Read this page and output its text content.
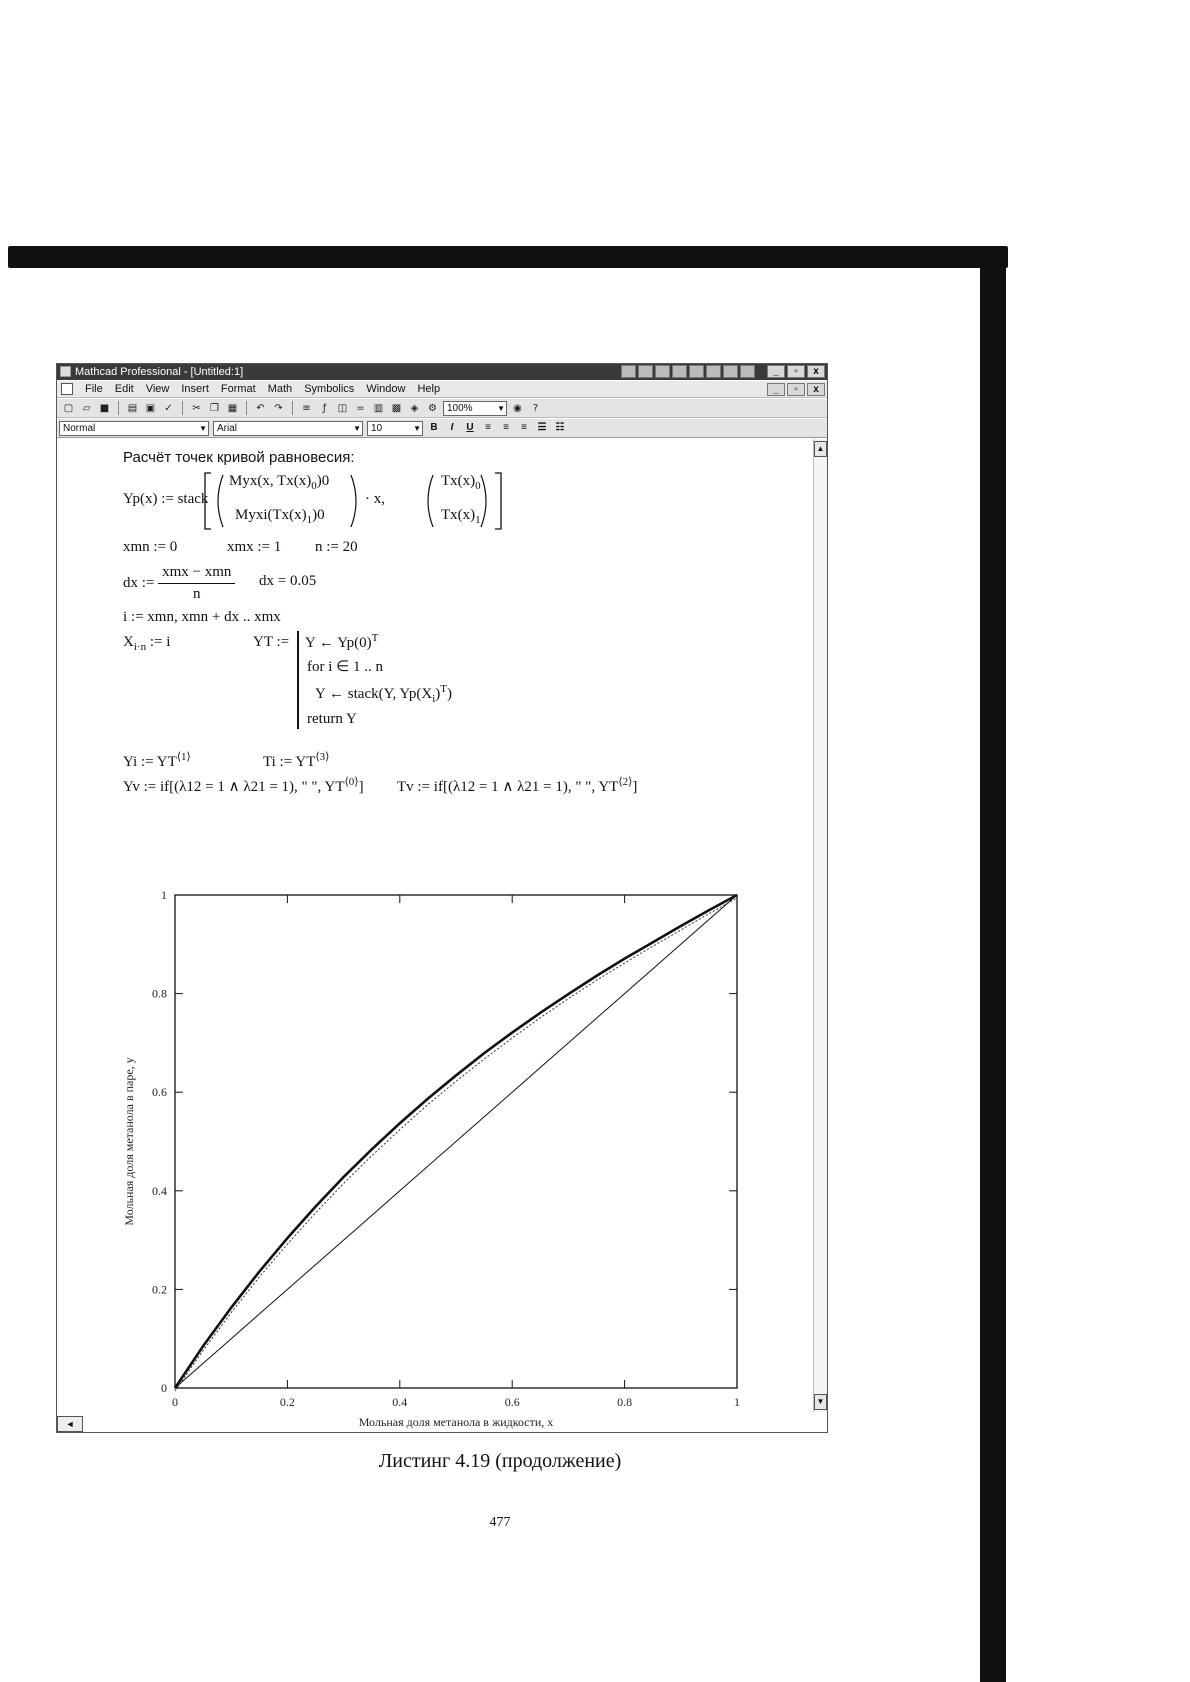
Mathcad Professional - [Untitled:1]	_	▫	x
File	Edit	View	Insert	Format	Math	Symbolics	Window	Help	_	▫	x
▢ ▱ ■ ▤ ▣ ✓	✂ ❐ ▦	↶ ↷	≡	ƒ	◫ = ▥ ▩ ◈ ⚙	100% ▼	◉	?
Normal ▼	Arial ▼	10 ▼	B	I	U	≡	≡	≡	☰ ☷
Расчёт точек кривой равновесия:
Yp(x) := stack
Myx(x, $Tx(x)_0)0$
$Myxi(Tx(x)_1)0$
· x,
$Tx(x)_0$
$Tx(x)_1$
xmn := 0	xmx := 1 n := 20
dx := $\frac{\text{xmx − xmn}}{n}$ dx = 0.05
i := xmn, xmn + dx .. xmx
$X_{i\cdot n}$ := i	YT := Y ← $Yp(0)^T$
for i ∈ 1 .. n
Y ← stack(Y, $Yp(X_i)^T$)
return Y
Yi := $YT^{⟨1⟩}$	Ti := $YT^{⟨3⟩}$
Yv := if[(λ12 = 1 ∧ λ21 = 1), " ", $YT^{⟨0⟩}$] Tv := if[(λ12 = 1 ∧ λ21 = 1), " ", $YT^{⟨2⟩}$]
0
0
0.2
0.2
0.4
0.4
0.6
0.6
0.8
0.8
1
1
Мольная доля метанола в жидкости, x
Мольная доля метанола в паре, y
▲
▼
◄
Листинг 4.19 (продолжение)
477
